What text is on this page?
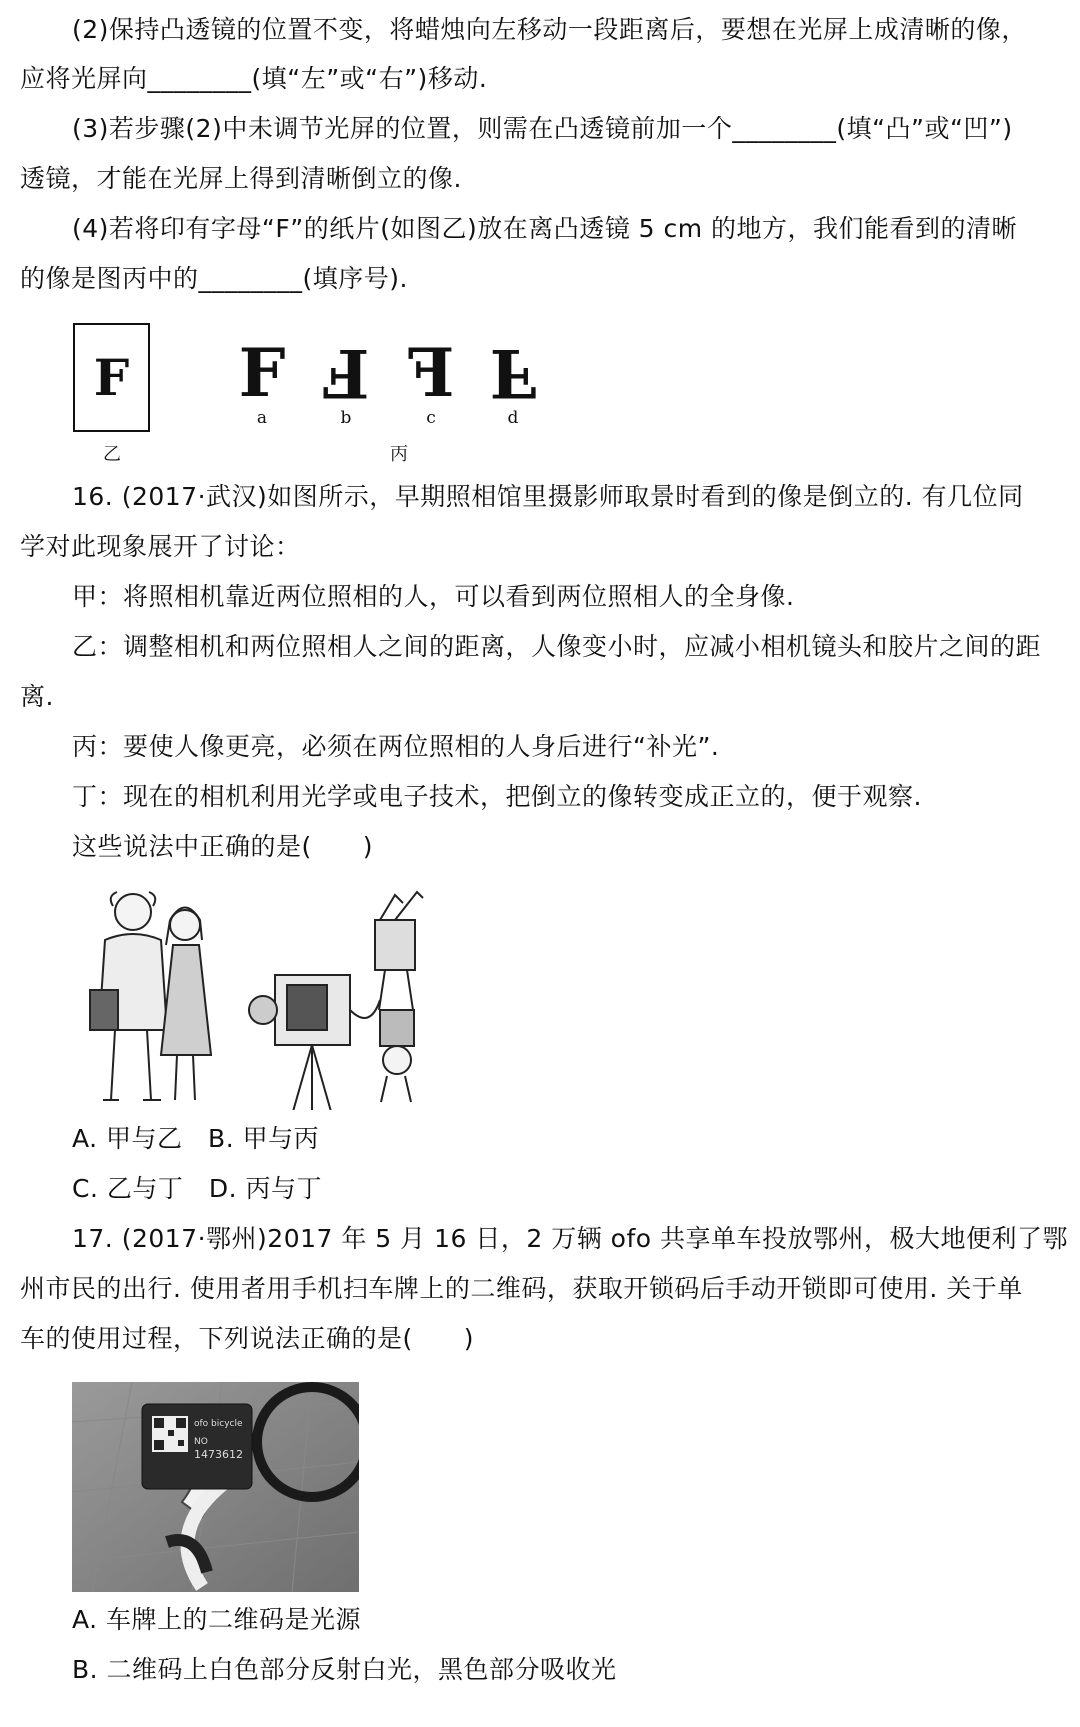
(2)保持凸透镜的位置不变，将蜡烛向左移动一段距离后，要想在光屏上成清晰的像，
应将光屏向________(填“左”或“右”)移动.
(3)若步骤(2)中未调节光屏的位置，则需在凸透镜前加一个________(填“凸”或“凹”)
透镜，才能在光屏上得到清晰倒立的像.
(4)若将印有字母“F”的纸片(如图乙)放在离凸透镜 5 cm 的地方，我们能看到的清晰
的像是图丙中的________(填序号).
F
乙
F F F F
a	b	c	d
丙
16. (2017·武汉)如图所示，早期照相馆里摄影师取景时看到的像是倒立的. 有几位同
学对此现象展开了讨论：
甲：将照相机靠近两位照相的人，可以看到两位照相人的全身像.
乙：调整相机和两位照相人之间的距离，人像变小时，应减小相机镜头和胶片之间的距
离.
丙：要使人像更亮，必须在两位照相的人身后进行“补光”.
丁：现在的相机利用光学或电子技术，把倒立的像转变成正立的，便于观察.
这些说法中正确的是(　　)
A. 甲与乙　B. 甲与丙
C. 乙与丁　D. 丙与丁
17. (2017·鄂州)2017 年 5 月 16 日，2 万辆 ofo 共享单车投放鄂州，极大地便利了鄂
州市民的出行. 使用者用手机扫车牌上的二维码，获取开锁码后手动开锁即可使用. 关于单
车的使用过程，下列说法正确的是(　　)
ofo bicycle
NO
1473612
A. 车牌上的二维码是光源
B. 二维码上白色部分反射白光，黑色部分吸收光
